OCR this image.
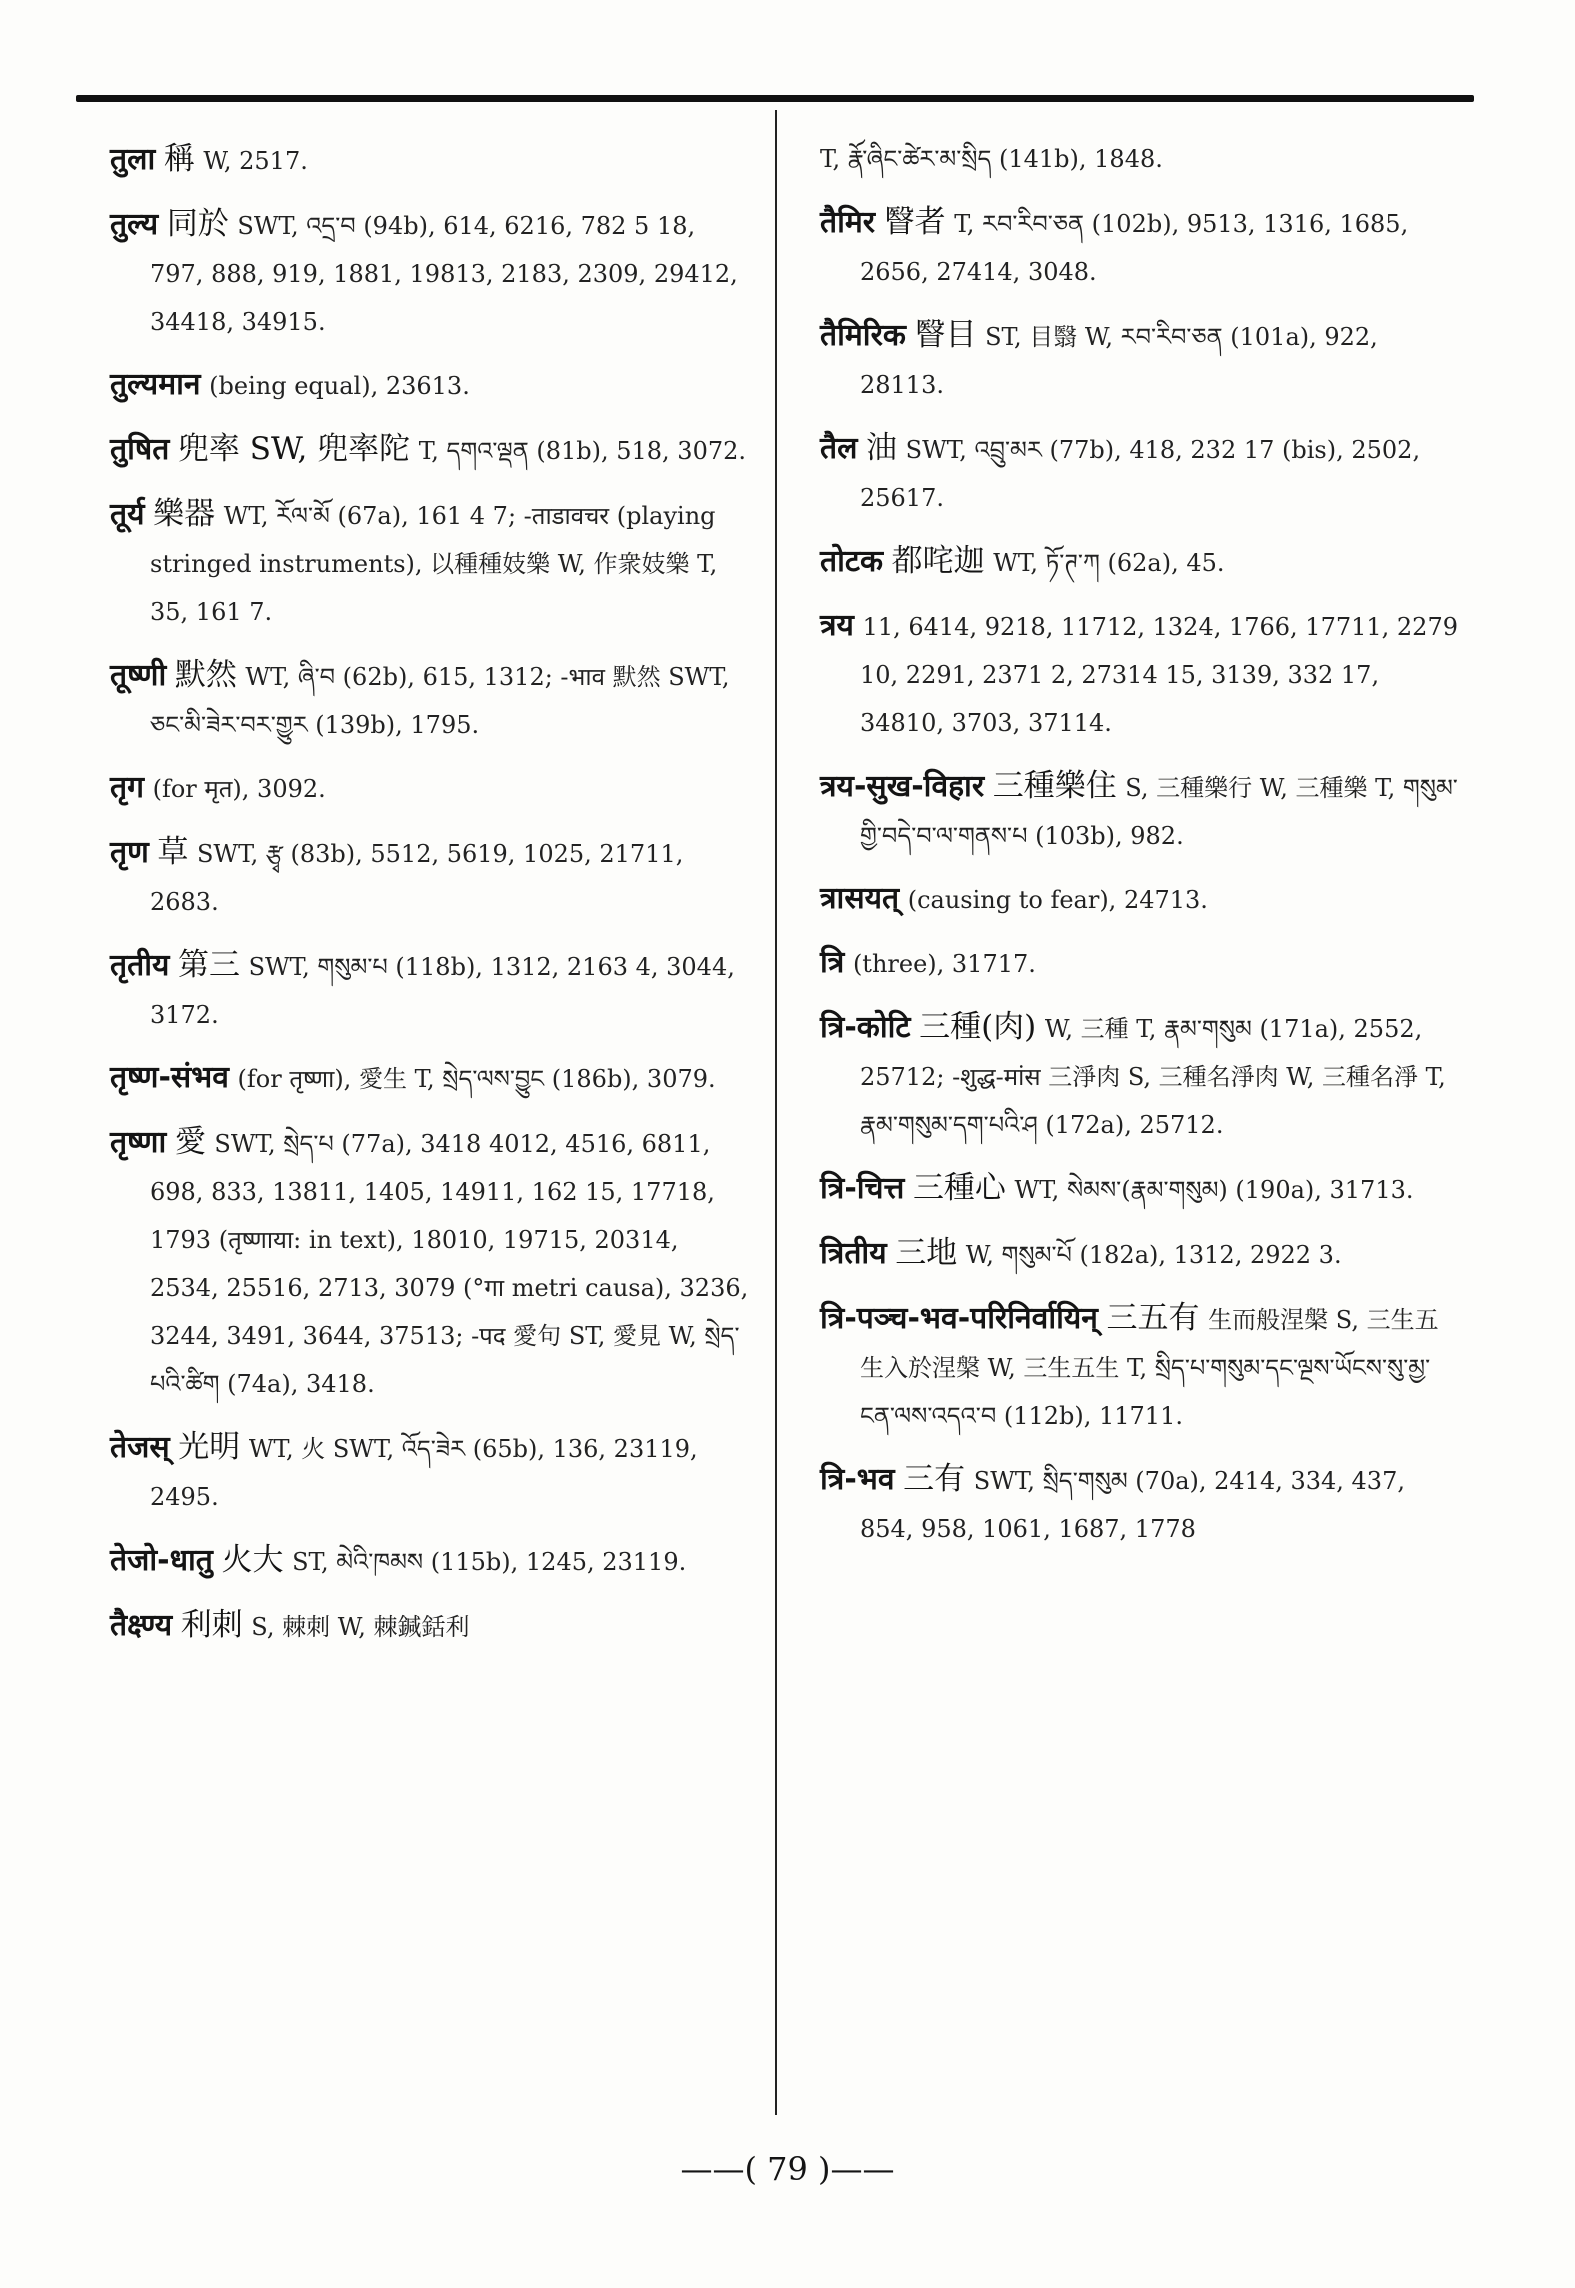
तुला 稱 W, 2517.
तुल्य 同於 SWT, འདྲ་བ (94b), 614, 6216, 782 5 18, 797, 888, 919, 1881, 19813, 2183, 2309, 29412, 34418, 34915.
तुल्यमान (being equal), 23613.
तुषित 兜率 SW, 兜率陀 T, དགའ་ལྡན (81b), 518, 3072.
तूर्य 樂器 WT, རོལ་མོ (67a), 161 4 7; -ताडावचर (playing stringed instruments), 以種種妓樂 W, 作衆妓樂 T, 35, 161 7.
तूष्णी 默然 WT, ཞི་བ (62b), 615, 1312; -भाव 默然 SWT, ཅང་མི་ཟེར་བར་གྱུར (139b), 1795.
तृग (for मृत), 3092.
तृण 草 SWT, རྩྭ (83b), 5512, 5619, 1025, 21711, 2683.
तृतीय 第三 SWT, གསུམ་པ (118b), 1312, 2163 4, 3044, 3172.
तृष्ण-संभव (for तृष्णा), 愛生 T, སྲེད་ལས་བྱུང (186b), 3079.
तृष्णा 愛 SWT, སྲེད་པ (77a), 3418 4012, 4516, 6811, 698, 833, 13811, 1405, 14911, 162 15, 17718, 1793 (तृष्णाया: in text), 18010, 19715, 20314, 2534, 25516, 2713, 3079 (°गा metri causa), 3236, 3244, 3491, 3644, 37513; -पद 愛句 ST, 愛見 W, སྲེད་པའི་ཚིག (74a), 3418.
तेजस् 光明 WT, 火 SWT, འོད་ཟེར (65b), 136, 23119, 2495.
तेजो-धातु 火大 ST, མེའི་ཁམས (115b), 1245, 23119.
तैक्ष्ण्य 利刺 S, 棘刺 W, 棘鍼銛利
T, རྣོ་ཞིང་ཚེར་མ་སྲིད (141b), 1848.
तैमिर 瞖者 T, རབ་རིབ་ཅན (102b), 9513, 1316, 1685, 2656, 27414, 3048.
तैमिरिक 瞖目 ST, 目翳 W, རབ་རིབ་ཅན (101a), 922, 28113.
तैल 油 SWT, འབྲུ་མར (77b), 418, 232 17 (bis), 2502, 25617.
तोटक 都咤迦 WT, ཏོ་ཊ་ཀ (62a), 45.
त्रय 11, 6414, 9218, 11712, 1324, 1766, 17711, 2279 10, 2291, 2371 2, 27314 15, 3139, 332 17, 34810, 3703, 37114.
त्रय-सुख-विहार 三種樂住 S, 三種樂行 W, 三種樂 T, གསུམ་གྱི་བདེ་བ་ལ་གནས་པ (103b), 982.
त्रासयत् (causing to fear), 24713.
त्रि (three), 31717.
त्रि-कोटि 三種(肉) W, 三種 T, རྣམ་གསུམ (171a), 2552, 25712; -शुद्ध-मांस 三淨肉 S, 三種名淨肉 W, 三種名淨 T, རྣམ་གསུམ་དག་པའི་ཤ (172a), 25712.
त्रि-चित्त 三種心 WT, སེམས་(རྣམ་གསུམ) (190a), 31713.
त्रितीय 三地 W, གསུམ་པོ (182a), 1312, 2922 3.
त्रि-पञ्च-भव-परिनिर्वायिन् 三五有 生而般涅槃 S, 三生五生入於涅槃 W, 三生五生 T, སྲིད་པ་གསུམ་དང་ལྔས་ཡོངས་སུ་མྱ་ངན་ལས་འདའ་བ (112b), 11711.
त्रि-भव 三有 SWT, སྲིད་གསུམ (70a), 2414, 334, 437, 854, 958, 1061, 1687, 1778
——( 79 )——
